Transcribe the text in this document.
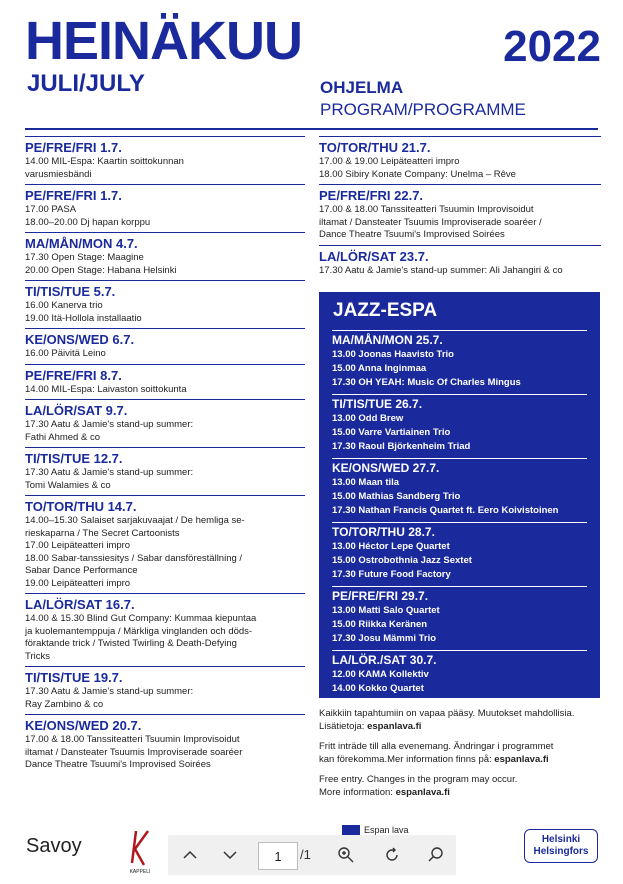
HEINÄKUU
JULI/JULY
2022
OHJELMA
PROGRAM/PROGRAMME
PE/FRE/FRI 1.7.
14.00 MIL-Espa: Kaartin soittokunnan
varusmiesbändi
PE/FRE/FRI 1.7.
17.00 PASA
18.00–20.00 Dj hapan korppu
MA/MÅN/MON 4.7.
17.30 Open Stage: Maagine
20.00 Open Stage: Habana Helsinki
TI/TIS/TUE 5.7.
16.00 Kanerva trio
19.00 Itä-Hollola installaatio
KE/ONS/WED 6.7.
16.00 Päivitä Leino
PE/FRE/FRI 8.7.
14.00 MIL-Espa: Laivaston soittokunta
LA/LÖR/SAT 9.7.
17.30 Aatu & Jamie's stand-up summer:
Fathi Ahmed & co
TI/TIS/TUE 12.7.
17.30 Aatu & Jamie's stand-up summer:
Tomi Walamies & co
TO/TOR/THU 14.7.
14.00–15.30 Salaiset sarjakuvaajat / De hemliga se-
rieskaparna / The Secret Cartoonists
17.00 Leipäteatteri impro
18.00 Sabar-tanssiesitys / Sabar dansföreställning /
Sabar Dance Performance
19.00 Leipäteatteri impro
LA/LÖR/SAT 16.7.
14.00 & 15.30 Blind Gut Company: Kummaa kiepuntaa
ja kuolemantemppuja / Märkliga vinglanden och döds-
föraktande trick / Twisted Twirling & Death-Defying
Tricks
TI/TIS/TUE 19.7.
17.30 Aatu & Jamie's stand-up summer:
Ray Zambino & co
KE/ONS/WED 20.7.
17.00 & 18.00 Tanssiteatteri Tsuumin Improvisoidut
iltamat / Dansteater Tsuumis Improviserade soaréer
Dance Theatre Tsuumi's Improvised Soirées
TO/TOR/THU 21.7.
17.00 & 19.00 Leipäteatteri impro
18.00 Sibiry Konate Company: Unelma – Rêve
PE/FRE/FRI 22.7.
17.00 & 18.00 Tanssiteatteri Tsuumin Improvisoidut
iltamat / Dansteater Tsuumis Improviserade soaréer /
Dance Theatre Tsuumi's Improvised Soirées
LA/LÖR/SAT 23.7.
17.30 Aatu & Jamie's stand-up summer: Ali Jahangiri & co
JAZZ-ESPA
MA/MÅN/MON 25.7.
13.00 Joonas Haavisto Trio
15.00 Anna Inginmaa
17.30 OH YEAH: Music Of Charles Mingus
TI/TIS/TUE 26.7.
13.00 Odd Brew
15.00 Varre Vartiainen Trio
17.30 Raoul Björkenheim Triad
KE/ONS/WED 27.7.
13.00 Maan tila
15.00 Mathias Sandberg Trio
17.30 Nathan Francis Quartet ft. Eero Koivistoinen
TO/TOR/THU 28.7.
13.00 Héctor Lepe Quartet
15.00 Ostrobothnia Jazz Sextet
17.30 Future Food Factory
PE/FRE/FRI 29.7.
13.00 Matti Salo Quartet
15.00 Riikka Keränen
17.30 Josu Mämmi Trio
LA/LÖR./SAT 30.7.
12.00 KAMA Kollektiv
14.00 Kokko Quartet

Kaikkiin tapahtumiin on vapaa pääsy. Muutokset mahdollisia.
Lisätietoja: espanlava.fi

Fritt inträde till alla evenemang. Ändringar i programmet
kan förekomma.Mer information finns på: espanlava.fi

Free entry. Changes in the program may occur.
More information: espanlava.fi

Savoy
KAPPELI
Espan lava
1	/1
Helsinki
Helsingfors
